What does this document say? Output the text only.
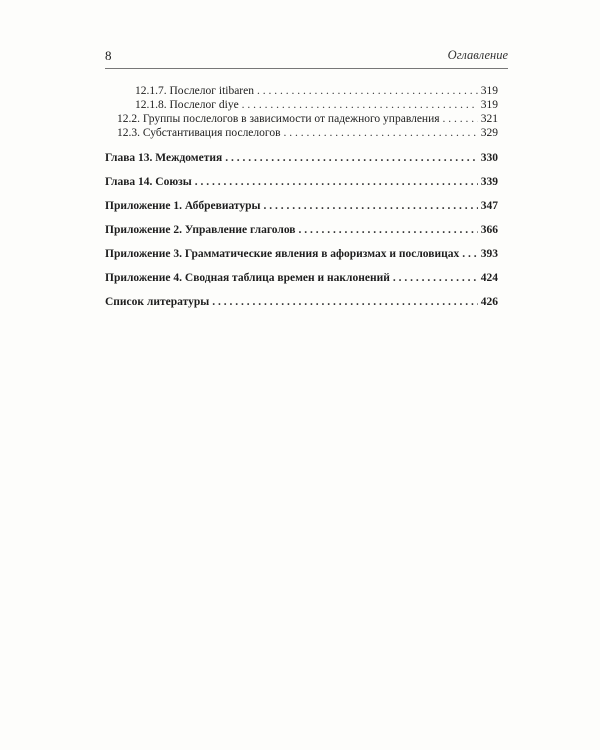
8	Оглавление
12.1.7. Послелог itibaren . . .	319
12.1.8. Послелог diye . . .	319
12.2. Группы послелогов в зависимости от падежного управления . . .	321
12.3. Субстантивация послелогов . . .	329
Глава 13. Междометия . . .	330
Глава 14. Союзы . . .	339
Приложение 1. Аббревиатуры . . .	347
Приложение 2. Управление глаголов . . .	366
Приложение 3. Грамматические явления в афоризмах и пословицах . . . 393
Приложение 4. Сводная таблица времен и наклонений . . .	424
Список литературы . . .	426
